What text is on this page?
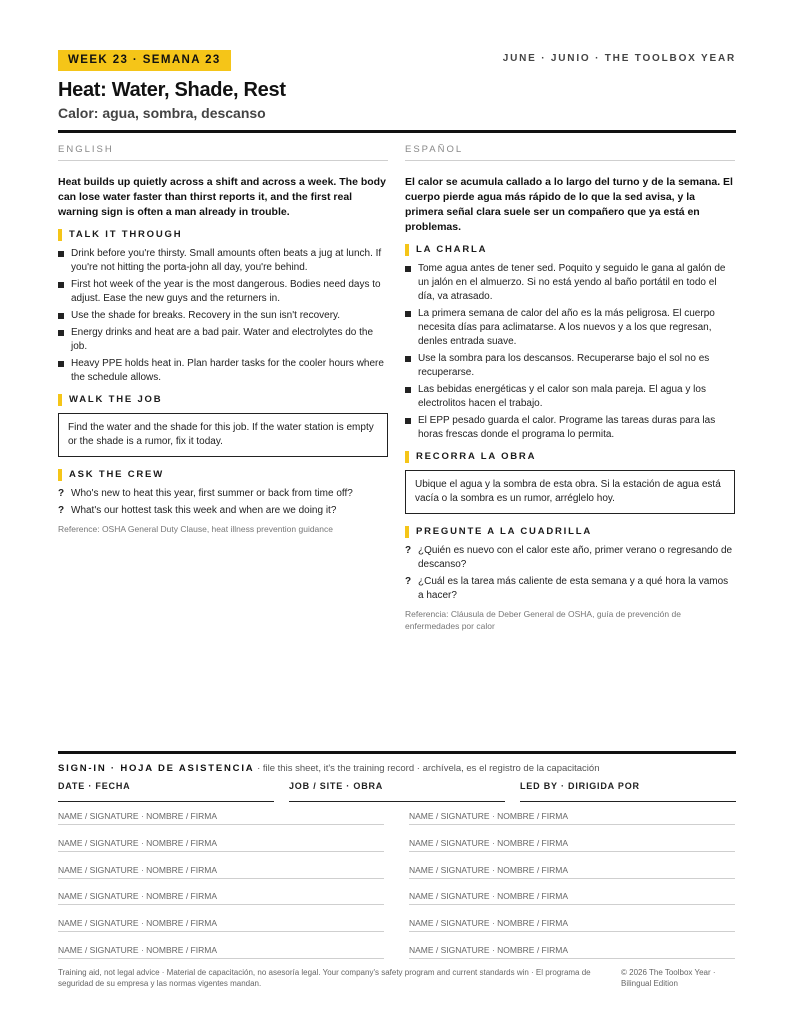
WEEK 23 · SEMANA 23	JUNE · JUNIO · THE TOOLBOX YEAR
Heat: Water, Shade, Rest
Calor: agua, sombra, descanso
ENGLISH

Heat builds up quietly across a shift and across a week. The body can lose water faster than thirst reports it, and the first real warning sign is often a man already in trouble.

TALK IT THROUGH
Drink before you're thirsty. Small amounts often beats a jug at lunch. If you're not hitting the porta-john all day, you're behind.
First hot week of the year is the most dangerous. Bodies need days to adjust. Ease the new guys and the returners in.
Use the shade for breaks. Recovery in the sun isn't recovery.
Energy drinks and heat are a bad pair. Water and electrolytes do the job.
Heavy PPE holds heat in. Plan harder tasks for the cooler hours where the schedule allows.
WALK THE JOB
Find the water and the shade for this job. If the water station is empty or the shade is a rumor, fix it today.
ASK THE CREW
? Who's new to heat this year, first summer or back from time off?
? What's our hottest task this week and when are we doing it?

Reference: OSHA General Duty Clause, heat illness prevention guidance

ESPAÑOL

El calor se acumula callado a lo largo del turno y de la semana. El cuerpo pierde agua más rápido de lo que la sed avisa, y la primera señal clara suele ser un compañero que ya está en problemas.

LA CHARLA
Tome agua antes de tener sed. Poquito y seguido le gana al galón de un jalón en el almuerzo. Si no está yendo al baño portátil en todo el día, va atrasado.
La primera semana de calor del año es la más peligrosa. El cuerpo necesita días para aclimatarse. A los nuevos y a los que regresan, denles entrada suave.
Use la sombra para los descansos. Recuperarse bajo el sol no es recuperarse.
Las bebidas energéticas y el calor son mala pareja. El agua y los electrolitos hacen el trabajo.
El EPP pesado guarda el calor. Programe las tareas duras para las horas frescas donde el programa lo permita.
RECORRA LA OBRA
Ubique el agua y la sombra de esta obra. Si la estación de agua está vacía o la sombra es un rumor, arréglelo hoy.
PREGUNTE A LA CUADRILLA
? ¿Quién es nuevo con el calor este año, primer verano o regresando de descanso?
? ¿Cuál es la tarea más caliente de esta semana y a qué hora la vamos a hacer?

Referencia: Cláusula de Deber General de OSHA, guía de prevención de enfermedades por calor

SIGN-IN · HOJA DE ASISTENCIA · file this sheet, it's the training record · archívela, es el registro de la capacitación
DATE · FECHA	JOB / SITE · OBRA	LED BY · DIRIGIDA POR
NAME / SIGNATURE · NOMBRE / FIRMA	NAME / SIGNATURE · NOMBRE / FIRMA
NAME / SIGNATURE · NOMBRE / FIRMA	NAME / SIGNATURE · NOMBRE / FIRMA
NAME / SIGNATURE · NOMBRE / FIRMA	NAME / SIGNATURE · NOMBRE / FIRMA
NAME / SIGNATURE · NOMBRE / FIRMA	NAME / SIGNATURE · NOMBRE / FIRMA
NAME / SIGNATURE · NOMBRE / FIRMA	NAME / SIGNATURE · NOMBRE / FIRMA
NAME / SIGNATURE · NOMBRE / FIRMA	NAME / SIGNATURE · NOMBRE / FIRMA

Training aid, not legal advice · Material de capacitación, no asesoría legal. Your company's safety program and current standards win · El programa de seguridad de su empresa y las normas vigentes mandan.

© 2026 The Toolbox Year ·
Bilingual Edition
